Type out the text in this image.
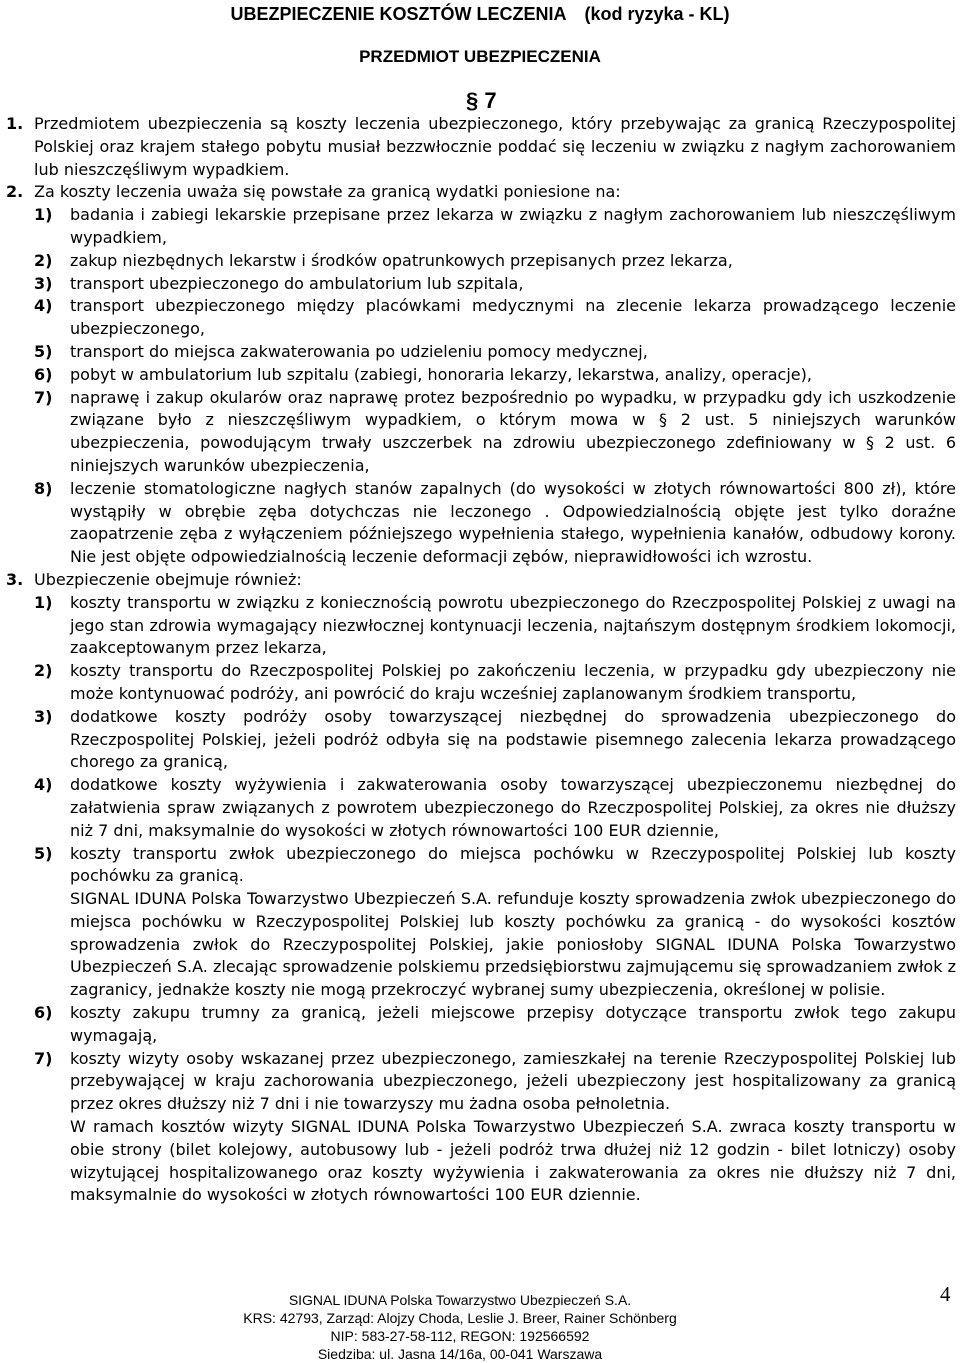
UBEZPIECZENIE KOSZTÓW LECZENIA (kod ryzyka - KL)
PRZEDMIOT UBEZPIECZENIA
§ 7
1. Przedmiotem ubezpieczenia są koszty leczenia ubezpieczonego, który przebywając za granicą Rzeczypospolitej Polskiej oraz krajem stałego pobytu musiał bezzwłocznie poddać się leczeniu w związku z nagłym zachorowaniem lub nieszczęśliwym wypadkiem.
2. Za koszty leczenia uważa się powstałe za granicą wydatki poniesione na:
1)	badania i zabiegi lekarskie przepisane przez lekarza w związku z nagłym zachorowaniem lub nieszczęśliwym wypadkiem,
2)	zakup niezbędnych lekarstw i środków opatrunkowych przepisanych przez lekarza,
3)	transport ubezpieczonego do ambulatorium lub szpitala,
4)	transport ubezpieczonego między placówkami medycznymi na zlecenie lekarza prowadzącego leczenie ubezpieczonego,
5)	transport do miejsca zakwaterowania po udzieleniu pomocy medycznej,
6)	pobyt w ambulatorium lub szpitalu (zabiegi, honoraria lekarzy, lekarstwa, analizy, operacje),
7)	naprawę i zakup okularów oraz naprawę protez bezpośrednio po wypadku, w przypadku gdy ich uszkodzenie związane było z nieszczęśliwym wypadkiem, o którym mowa w § 2 ust. 5 niniejszych warunków ubezpieczenia, powodującym trwały uszczerbek na zdrowiu ubezpieczonego zdefiniowany w § 2 ust. 6 niniejszych warunków ubezpieczenia,
8)	leczenie stomatologiczne nagłych stanów zapalnych (do wysokości w złotych równowartości 800 zł), które wystąpiły w obrębie zęba dotychczas nie leczonego . Odpowiedzialnością objęte jest tylko doraźne zaopatrzenie zęba z wyłączeniem późniejszego wypełnienia stałego, wypełnienia kanałów, odbudowy korony. Nie jest objęte odpowiedzialnością leczenie deformacji zębów, nieprawidłowości ich wzrostu.
3. Ubezpieczenie obejmuje również:
1)	koszty transportu w związku z koniecznością powrotu ubezpieczonego do Rzeczpospolitej Polskiej z uwagi na jego stan zdrowia wymagający niezwłocznej kontynuacji leczenia, najtańszym dostępnym środkiem lokomocji, zaakceptowanym przez lekarza,
2)	koszty transportu do Rzeczpospolitej Polskiej po zakończeniu leczenia, w przypadku gdy ubezpieczony nie może kontynuować podróży, ani powrócić do kraju wcześniej zaplanowanym środkiem transportu,
3)	dodatkowe koszty podróży osoby towarzyszącej niezbędnej do sprowadzenia ubezpieczonego do Rzeczpospolitej Polskiej, jeżeli podróż odbyła się na podstawie pisemnego zalecenia lekarza prowadzącego chorego za granicą,
4)	dodatkowe koszty wyżywienia i zakwaterowania osoby towarzyszącej ubezpieczonemu niezbędnej do załatwienia spraw związanych z powrotem ubezpieczonego do Rzeczpospolitej Polskiej, za okres nie dłuższy niż 7 dni, maksymalnie do wysokości w złotych równowartości 100 EUR dziennie,
5)	koszty transportu zwłok ubezpieczonego do miejsca pochówku w Rzeczypospolitej Polskiej lub koszty pochówku za granicą.
SIGNAL IDUNA Polska Towarzystwo Ubezpieczeń S.A. refunduje koszty sprowadzenia zwłok ubezpieczonego do miejsca pochówku w Rzeczypospolitej Polskiej lub koszty pochówku za granicą - do wysokości kosztów sprowadzenia zwłok do Rzeczypospolitej Polskiej, jakie poniosłoby SIGNAL IDUNA Polska Towarzystwo Ubezpieczeń S.A. zlecając sprowadzenie polskiemu przedsiębiorstwu zajmującemu się sprowadzaniem zwłok z zagranicy, jednakże koszty nie mogą przekroczyć wybranej sumy ubezpieczenia, określonej w polisie.
6)	koszty zakupu trumny za granicą, jeżeli miejscowe przepisy dotyczące transportu zwłok tego zakupu wymagają,
7)	koszty wizyty osoby wskazanej przez ubezpieczonego, zamieszkałej na terenie Rzeczypospolitej Polskiej lub przebywającej w kraju zachorowania ubezpieczonego, jeżeli ubezpieczony jest hospitalizowany za granicą przez okres dłuższy niż 7 dni i nie towarzyszy mu żadna osoba pełnoletnia.
W ramach kosztów wizyty SIGNAL IDUNA Polska Towarzystwo Ubezpieczeń S.A. zwraca koszty transportu w obie strony (bilet kolejowy, autobusowy lub - jeżeli podróż trwa dłużej niż 12 godzin - bilet lotniczy) osoby wizytującej hospitalizowanego oraz koszty wyżywienia i zakwaterowania za okres nie dłuższy niż 7 dni, maksymalnie do wysokości w złotych równowartości 100 EUR dziennie.
SIGNAL IDUNA Polska Towarzystwo Ubezpieczeń S.A.
KRS: 42793, Zarząd: Alojzy Choda, Leslie J. Breer, Rainer Schönberg
NIP: 583-27-58-112, REGON: 192566592
Siedziba: ul. Jasna 14/16a, 00-041 Warszawa
4
